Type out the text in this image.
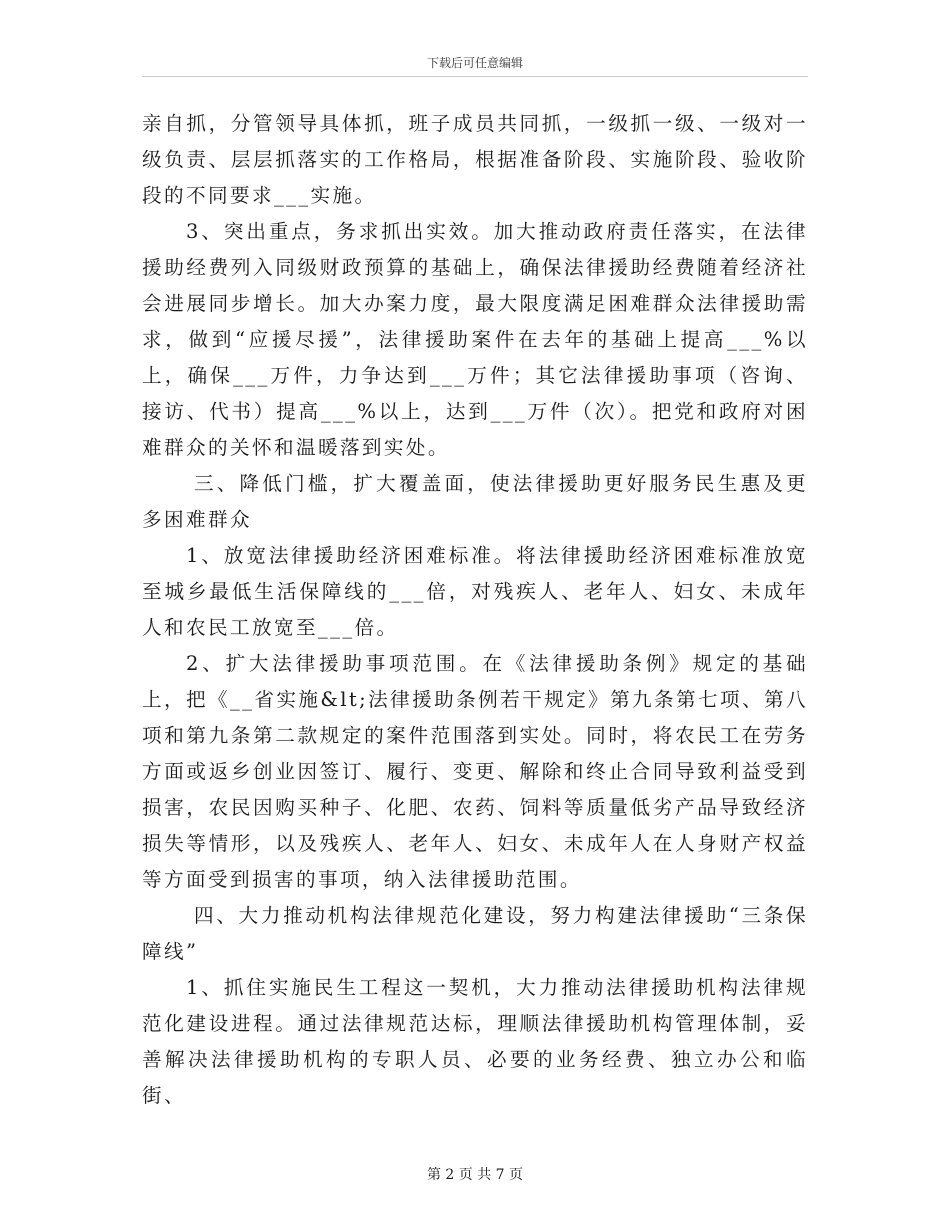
下载后可任意编辑

亲自抓，分管领导具体抓，班子成员共同抓，一级抓一级、一级对一级负责、层层抓落实的工作格局，根据准备阶段、实施阶段、验收阶段的不同要求___实施。

3、突出重点，务求抓出实效。加大推动政府责任落实，在法律援助经费列入同级财政预算的基础上，确保法律援助经费随着经济社会进展同步增长。加大办案力度，最大限度满足困难群众法律援助需求，做到“应援尽援”，法律援助案件在去年的基础上提高___%以上，确保___万件，力争达到___万件；其它法律援助事项（咨询、接访、代书）提高___%以上，达到___万件（次）。把党和政府对困难群众的关怀和温暖落到实处。

三、降低门槛，扩大覆盖面，使法律援助更好服务民生惠及更多困难群众

1、放宽法律援助经济困难标准。将法律援助经济困难标准放宽至城乡最低生活保障线的___倍，对残疾人、老年人、妇女、未成年人和农民工放宽至___倍。

2、扩大法律援助事项范围。在《法律援助条例》规定的基础上，把《__省实施&lt;法律援助条例若干规定》第九条第七项、第八项和第九条第二款规定的案件范围落到实处。同时，将农民工在劳务方面或返乡创业因签订、履行、变更、解除和终止合同导致利益受到损害，农民因购买种子、化肥、农药、饲料等质量低劣产品导致经济损失等情形，以及残疾人、老年人、妇女、未成年人在人身财产权益等方面受到损害的事项，纳入法律援助范围。

四、大力推动机构法律规范化建设，努力构建法律援助“三条保障线”

1、抓住实施民生工程这一契机，大力推动法律援助机构法律规范化建设进程。通过法律规范达标，理顺法律援助机构管理体制，妥善解决法律援助机构的专职人员、必要的业务经费、独立办公和临街、

第 2 页 共 7 页
